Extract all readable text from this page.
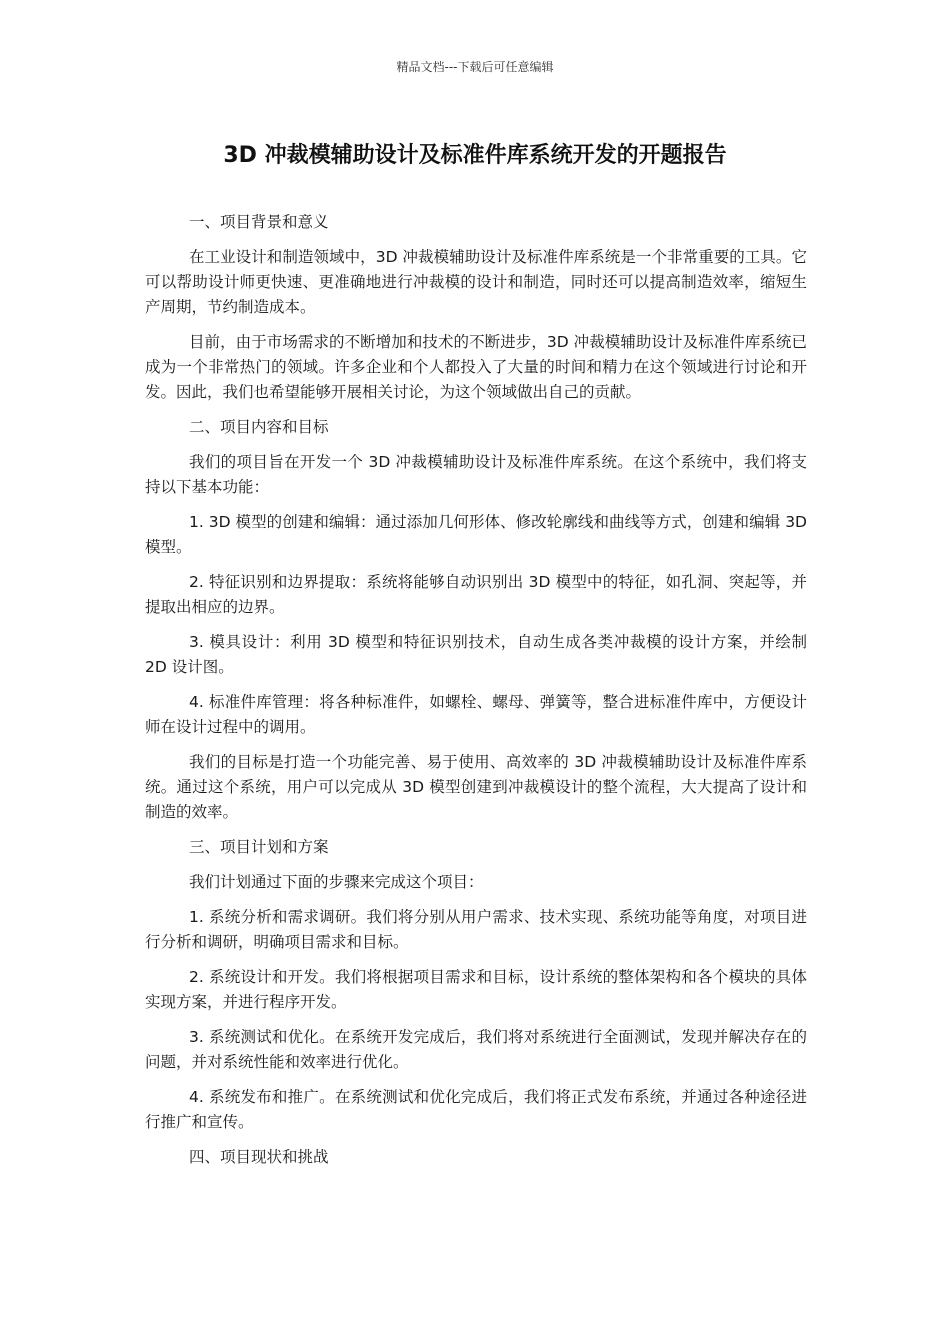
精品文档---下载后可任意编辑
3D 冲裁模辅助设计及标准件库系统开发的开题报告

一、项目背景和意义

在工业设计和制造领域中，3D 冲裁模辅助设计及标准件库系统是一个非常重要的工具。它可以帮助设计师更快速、更准确地进行冲裁模的设计和制造，同时还可以提高制造效率，缩短生产周期，节约制造成本。

目前，由于市场需求的不断增加和技术的不断进步，3D 冲裁模辅助设计及标准件库系统已成为一个非常热门的领域。许多企业和个人都投入了大量的时间和精力在这个领域进行讨论和开发。因此，我们也希望能够开展相关讨论，为这个领域做出自己的贡献。

二、项目内容和目标

我们的项目旨在开发一个 3D 冲裁模辅助设计及标准件库系统。在这个系统中，我们将支持以下基本功能：

1. 3D 模型的创建和编辑：通过添加几何形体、修改轮廓线和曲线等方式，创建和编辑 3D 模型。

2. 特征识别和边界提取：系统将能够自动识别出 3D 模型中的特征，如孔洞、突起等，并提取出相应的边界。

3. 模具设计：利用 3D 模型和特征识别技术，自动生成各类冲裁模的设计方案，并绘制 2D 设计图。

4. 标准件库管理：将各种标准件，如螺栓、螺母、弹簧等，整合进标准件库中，方便设计师在设计过程中的调用。

我们的目标是打造一个功能完善、易于使用、高效率的 3D 冲裁模辅助设计及标准件库系统。通过这个系统，用户可以完成从 3D 模型创建到冲裁模设计的整个流程，大大提高了设计和制造的效率。

三、项目计划和方案

我们计划通过下面的步骤来完成这个项目：

1. 系统分析和需求调研。我们将分别从用户需求、技术实现、系统功能等角度，对项目进行分析和调研，明确项目需求和目标。

2. 系统设计和开发。我们将根据项目需求和目标，设计系统的整体架构和各个模块的具体实现方案，并进行程序开发。

3. 系统测试和优化。在系统开发完成后，我们将对系统进行全面测试，发现并解决存在的问题，并对系统性能和效率进行优化。

4. 系统发布和推广。在系统测试和优化完成后，我们将正式发布系统，并通过各种途径进行推广和宣传。

四、项目现状和挑战
